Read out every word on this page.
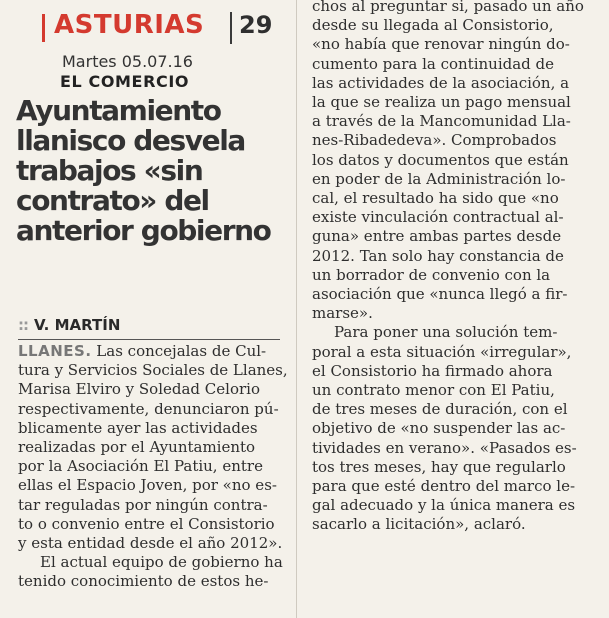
ASTURIAS 29
Martes 05.07.16
EL COMERCIO
Ayuntamiento
llanisco desvela
trabajos «sin
contrato» del
anterior gobierno
:: V. MARTÍN
LLANES. Las concejalas de Cul-
tura y Servicios Sociales de Llanes,
Marisa Elviro y Soledad Celorio
respectivamente, denunciaron pú-
blicamente ayer las actividades
realizadas por el Ayuntamiento
por la Asociación El Patiu, entre
ellas el Espacio Joven, por «no es-
tar reguladas por ningún contra-
to o convenio entre el Consistorio
y esta entidad desde el año 2012».
El actual equipo de gobierno ha
tenido conocimiento de estos he-
chos al preguntar si, pasado un año
desde su llegada al Consistorio,
«no había que renovar ningún do-
cumento para la continuidad de
las actividades de la asociación, a
la que se realiza un pago mensual
a través de la Mancomunidad Lla-
nes-Ribadedeva». Comprobados
los datos y documentos que están
en poder de la Administración lo-
cal, el resultado ha sido que «no
existe vinculación contractual al-
guna» entre ambas partes desde
2012. Tan solo hay constancia de
un borrador de convenio con la
asociación que «nunca llegó a fir-
marse».
Para poner una solución tem-
poral a esta situación «irregular»,
el Consistorio ha firmado ahora
un contrato menor con El Patiu,
de tres meses de duración, con el
objetivo de «no suspender las ac-
tividades en verano». «Pasados es-
tos tres meses, hay que regularlo
para que esté dentro del marco le-
gal adecuado y la única manera es
sacarlo a licitación», aclaró.
